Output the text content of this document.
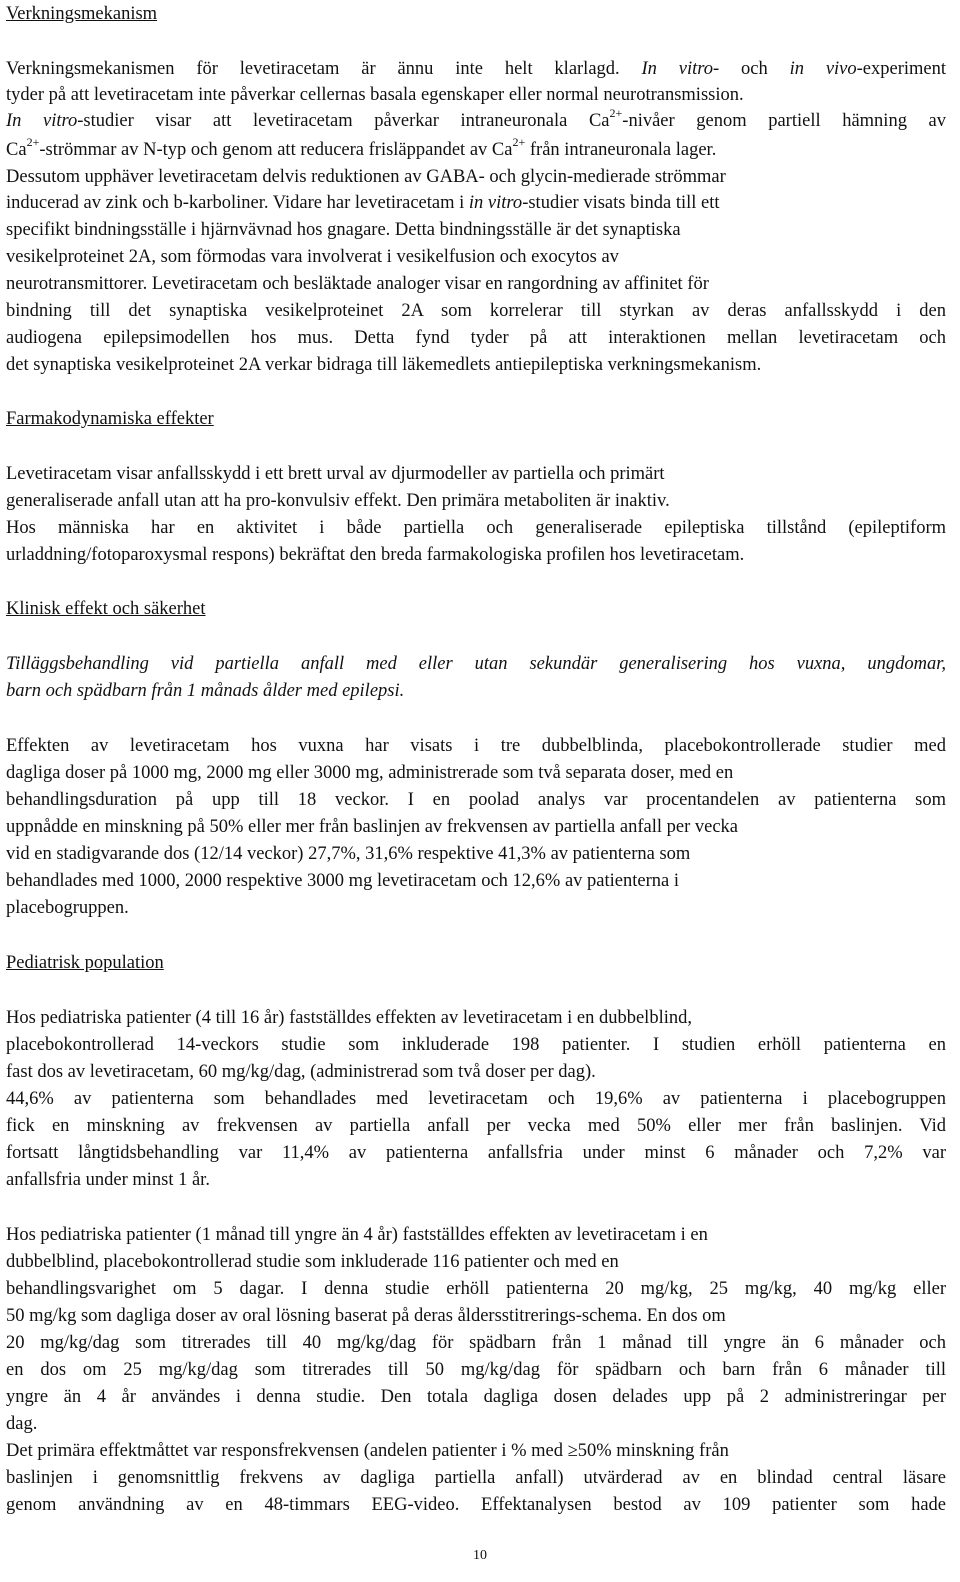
Verkningsmekanism
Verkningsmekanismen för levetiracetam är ännu inte helt klarlagd. In vitro- och in vivo-experiment
tyder på att levetiracetam inte påverkar cellernas basala egenskaper eller normal neurotransmission.
In vitro-studier visar att levetiracetam påverkar intraneuronala $Ca^{2+}$-nivåer genom partiell hämning av
$Ca^{2+}$-strömmar av N-typ och genom att reducera frisläppandet av $Ca^{2+}$ från intraneuronala lager.
Dessutom upphäver levetiracetam delvis reduktionen av GABA- och glycin-medierade strömmar
inducerad av zink och b-karboliner. Vidare har levetiracetam i in vitro-studier visats binda till ett
specifikt bindningsställe i hjärnvävnad hos gnagare. Detta bindningsställe är det synaptiska
vesikelproteinet 2A, som förmodas vara involverat i vesikelfusion och exocytos av
neurotransmittorer. Levetiracetam och besläktade analoger visar en rangordning av affinitet för
bindning till det synaptiska vesikelproteinet 2A som korrelerar till styrkan av deras anfallsskydd i den
audiogena epilepsimodellen hos mus. Detta fynd tyder på att interaktionen mellan levetiracetam och
det synaptiska vesikelproteinet 2A verkar bidraga till läkemedlets antiepileptiska verkningsmekanism.
Farmakodynamiska effekter
Levetiracetam visar anfallsskydd i ett brett urval av djurmodeller av partiella och primärt
generaliserade anfall utan att ha pro-konvulsiv effekt. Den primära metaboliten är inaktiv.
Hos människa har en aktivitet i både partiella och generaliserade epileptiska tillstånd (epileptiform
urladdning/fotoparoxysmal respons) bekräftat den breda farmakologiska profilen hos levetiracetam.
Klinisk effekt och säkerhet
Tilläggsbehandling vid partiella anfall med eller utan sekundär generalisering hos vuxna, ungdomar,
barn och spädbarn från 1 månads ålder med epilepsi.
Effekten av levetiracetam hos vuxna har visats i tre dubbelblinda, placebokontrollerade studier med
dagliga doser på 1000 mg, 2000 mg eller 3000 mg, administrerade som två separata doser, med en
behandlingsduration på upp till 18 veckor. I en poolad analys var procentandelen av patienterna som
uppnådde en minskning på 50% eller mer från baslinjen av frekvensen av partiella anfall per vecka
vid en stadigvarande dos (12/14 veckor) 27,7%, 31,6% respektive 41,3% av patienterna som
behandlades med 1000, 2000 respektive 3000 mg levetiracetam och 12,6% av patienterna i
placebogruppen.
Pediatrisk population
Hos pediatriska patienter (4 till 16 år) fastställdes effekten av levetiracetam i en dubbelblind,
placebokontrollerad 14-veckors studie som inkluderade 198 patienter. I studien erhöll patienterna en
fast dos av levetiracetam, 60 mg/kg/dag, (administrerad som två doser per dag).
44,6% av patienterna som behandlades med levetiracetam och 19,6% av patienterna i placebogruppen
fick en minskning av frekvensen av partiella anfall per vecka med 50% eller mer från baslinjen. Vid
fortsatt långtidsbehandling var 11,4% av patienterna anfallsfria under minst 6 månader och 7,2% var
anfallsfria under minst 1 år.
Hos pediatriska patienter (1 månad till yngre än 4 år) fastställdes effekten av levetiracetam i en
dubbelblind, placebokontrollerad studie som inkluderade 116 patienter och med en
behandlingsvarighet om 5 dagar. I denna studie erhöll patienterna 20 mg/kg, 25 mg/kg, 40 mg/kg eller
50 mg/kg som dagliga doser av oral lösning baserat på deras åldersstitrerings-schema. En dos om
20 mg/kg/dag som titrerades till 40 mg/kg/dag för spädbarn från 1 månad till yngre än 6 månader och
en dos om 25 mg/kg/dag som titrerades till 50 mg/kg/dag för spädbarn och barn från 6 månader till
yngre än 4 år användes i denna studie. Den totala dagliga dosen delades upp på 2 administreringar per
dag.
Det primära effektmåttet var responsfrekvensen (andelen patienter i % med ≥50% minskning från
baslinjen i genomsnittlig frekvens av dagliga partiella anfall) utvärderad av en blindad central läsare
genom användning av en 48-timmars EEG-video. Effektanalysen bestod av 109 patienter som hade
10
